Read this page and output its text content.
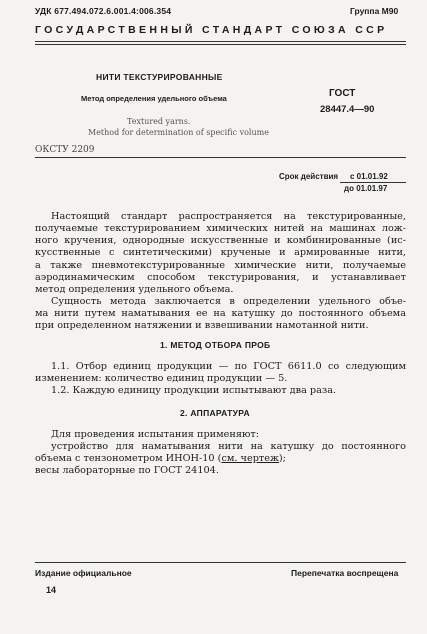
УДК 677.494.072.6.001.4:006.354	Группа М90
ГОСУДАРСТВЕННЫЙ СТАНДАРТ СОЮЗА ССР
НИТИ ТЕКСТУРИРОВАННЫЕ
Метод определения удельного объема
Textured yarns.
Method for determination of specific volume
ГОСТ
28447.4—90
ОКСТУ 2209
Срок действия с 01.01.92
до 01.01.97
Настоящий стандарт распространяется на текстурированные,
получаемые текстурированием химических нитей на машинах лож-
ного кручения, однородные искусственные и комбинированные (ис-
кусственные с синтетическими) крученые и армированные нити,
а также пневмотекстурированные химические нити, получаемые
аэродинамическим способом текстурирования, и устанавливает
метод определения удельного объема.
Сущность метода заключается в определении удельного объе-
ма нити путем наматывания ее на катушку до постоянного объема
при определенном натяжении и взвешивании намотанной нити.
1. МЕТОД ОТБОРА ПРОБ
1.1. Отбор единиц продукции — по ГОСТ 6611.0 со следующим
изменением: количество единиц продукции — 5.
1.2. Каждую единицу продукции испытывают два раза.
2. АППАРАТУРА
Для проведения испытания применяют:
устройство для наматывания нити на катушку до постоянного
объема с тензонометром ИНОН-10 (см. чертеж);
весы лабораторные по ГОСТ 24104.
Издание официальное	Перепечатка воспрещена
14
